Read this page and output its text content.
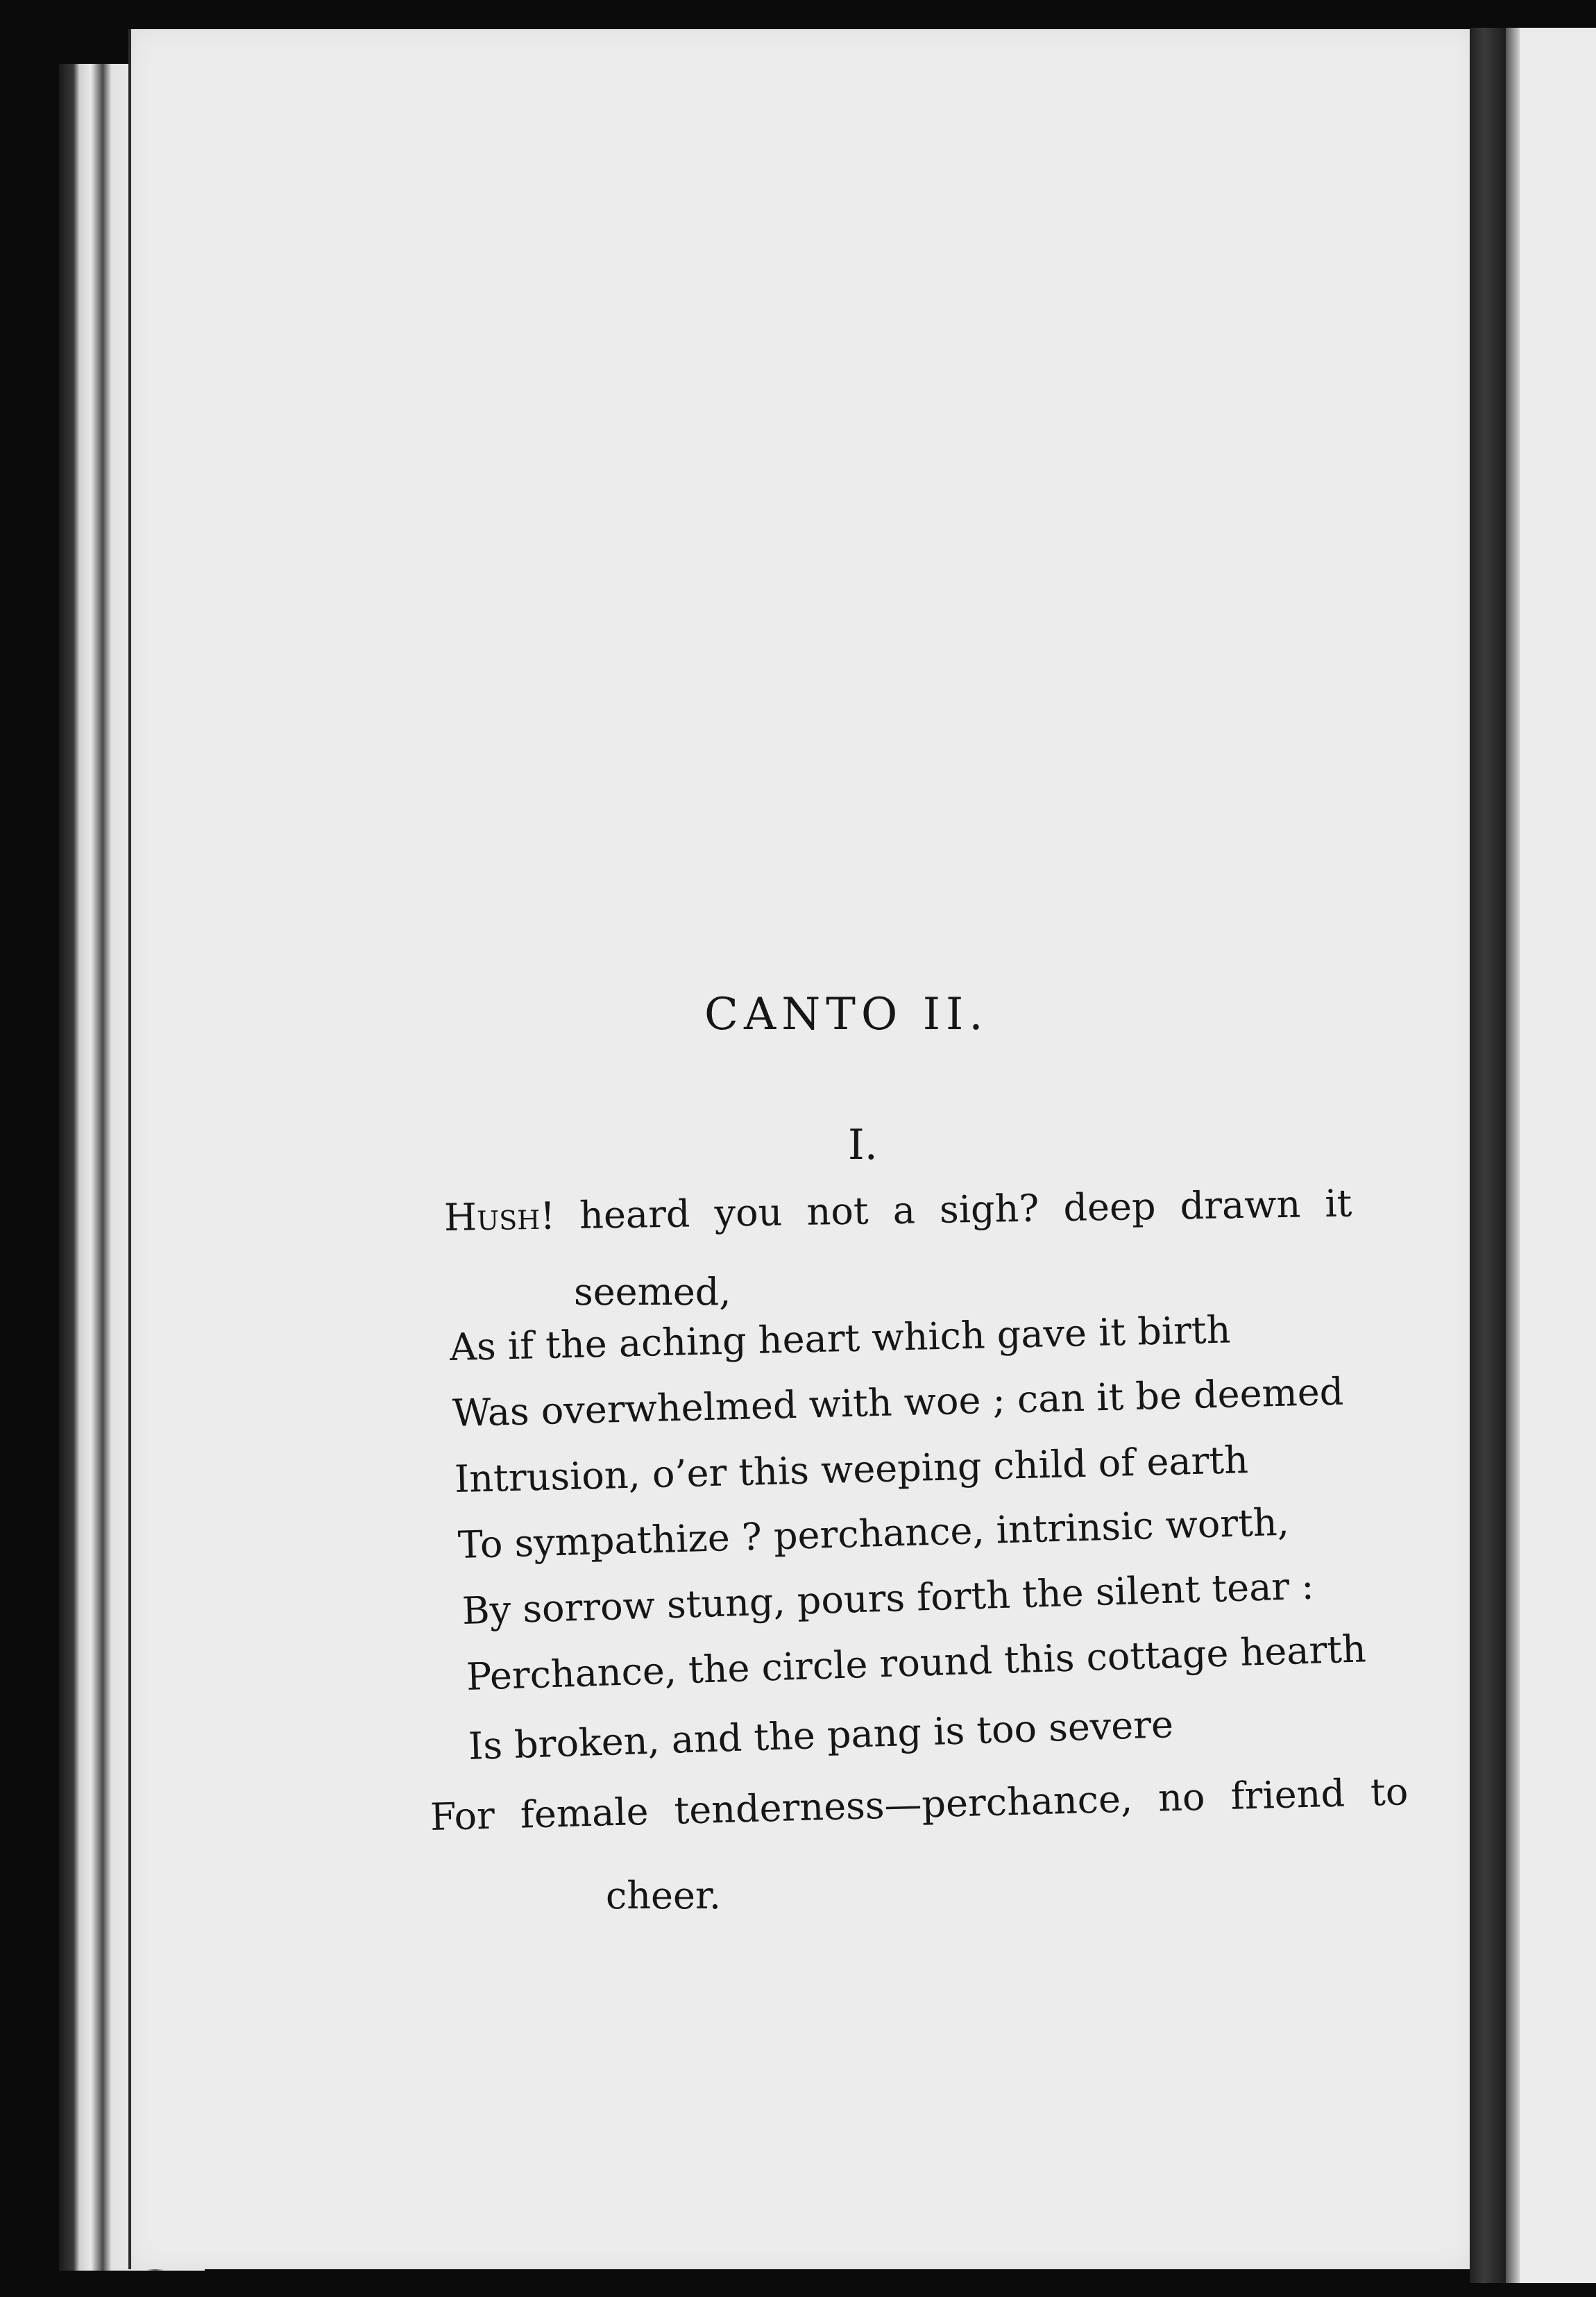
CANTO II.
I.
Hush! heard you not a sigh? deep drawn it
seemed,
As if the aching heart which gave it birth
Was overwhelmed with woe ; can it be deemed
Intrusion, o’er this weeping child of earth
To sympathize ? perchance, intrinsic worth,
By sorrow stung, pours forth the silent tear :
Perchance, the circle round this cottage hearth
Is broken, and the pang is too severe
For female tenderness—perchance, no friend to
cheer.
